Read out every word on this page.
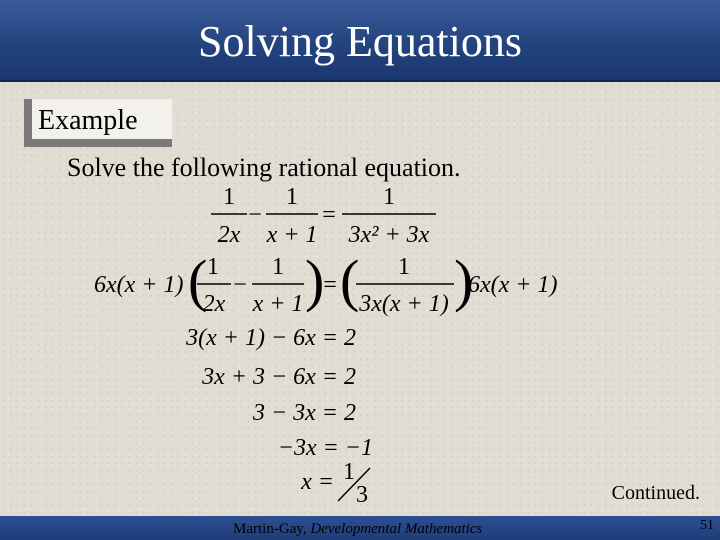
Solving Equations
Example
Solve the following rational equation.
1
2x
−
1
x + 1
=
1
3x² + 3x
6x(x + 1) ( 1
2x
−
1
x + 1 )
= ( 1
3x(x + 1) )
6x(x + 1)
3(x + 1) − 6x = 2
3x + 3 − 6x = 2
3 − 3x = 2
−3x = −1
x = 1
3	Continued.
Martin-Gay, Developmental Mathematics	51
